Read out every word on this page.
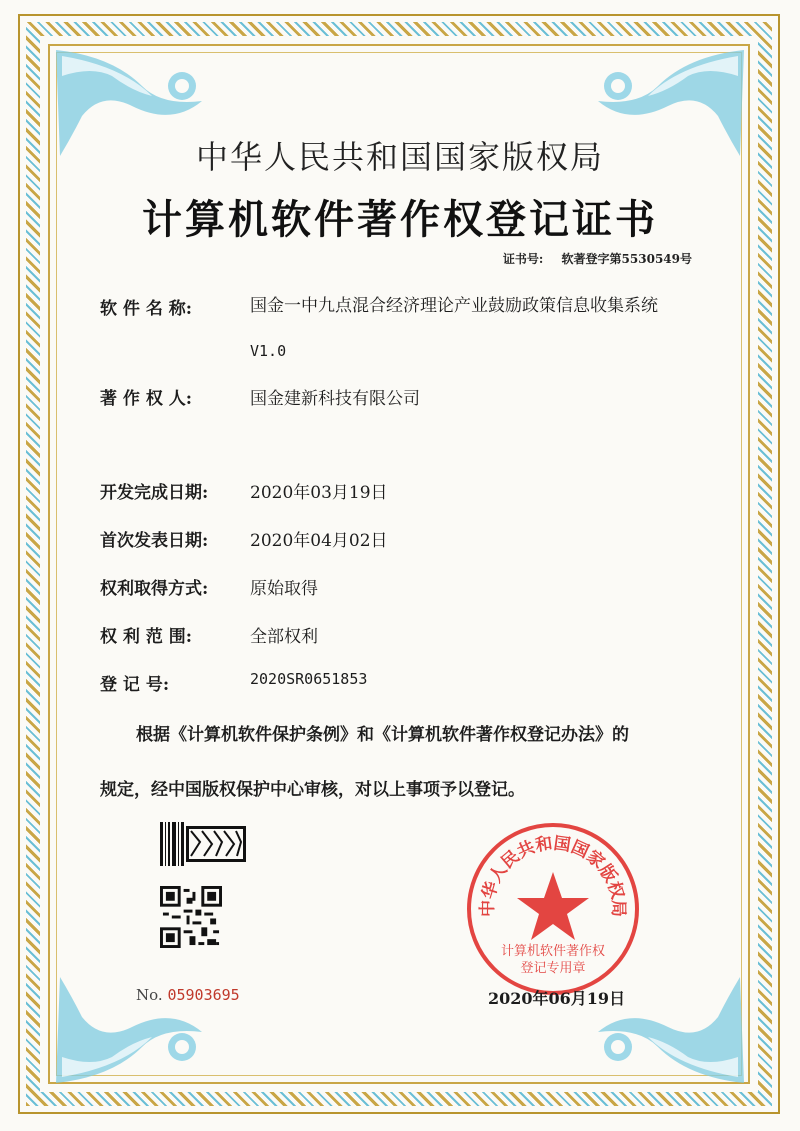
中华人民共和国国家版权局
计算机软件著作权登记证书
证书号: 软著登字第5530549号
软 件 名 称:	国金一中九点混合经济理论产业鼓励政策信息收集系统
V1.0
著 作 权 人:	国金建新科技有限公司
开发完成日期: 2020年03月19日
首次发表日期: 2020年04月02日
权利取得方式: 原始取得
权 利 范 围:	全部权利
登 记 号:	2020SR0651853
根据《计算机软件保护条例》和《计算机软件著作权登记办法》的
规定，经中国版权保护中心审核，对以上事项予以登记。
No. 05903695
中华人民共和国国家版权局
计算机软件著作权
登记专用章
2020年06月19日
